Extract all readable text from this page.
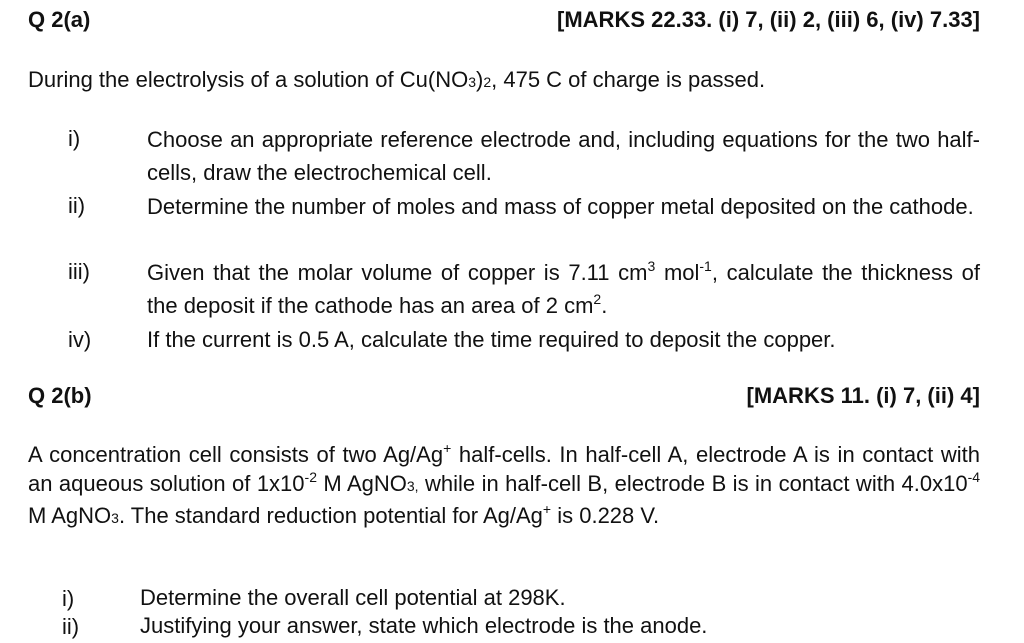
Q 2(a)	[MARKS 22.33. (i) 7, (ii) 2, (iii) 6, (iv) 7.33]
During the electrolysis of a solution of Cu(NO3)2, 475 C of charge is passed.
i)	Choose an appropriate reference electrode and, including equations for the two half-cells, draw the electrochemical cell.
ii)	Determine the number of moles and mass of copper metal deposited on the cathode.
iii)	Given that the molar volume of copper is 7.11 $cm^3$ mol$^{-1}$, calculate the thickness of the deposit if the cathode has an area of 2 $cm^2$.
iv)	If the current is 0.5 A, calculate the time required to deposit the copper.
Q 2(b)	[MARKS 11. (i) 7, (ii) 4]
A concentration cell consists of two Ag/Ag+ half-cells. In half-cell A, electrode A is in contact with an aqueous solution of $1x10^{-2}$ M AgNO3, while in half-cell B, electrode B is in contact with $4.0x10^{-4}$ M AgNO3. The standard reduction potential for Ag/Ag+ is 0.228 V.
i)	Determine the overall cell potential at 298K.
ii)	Justifying your answer, state which electrode is the anode.
